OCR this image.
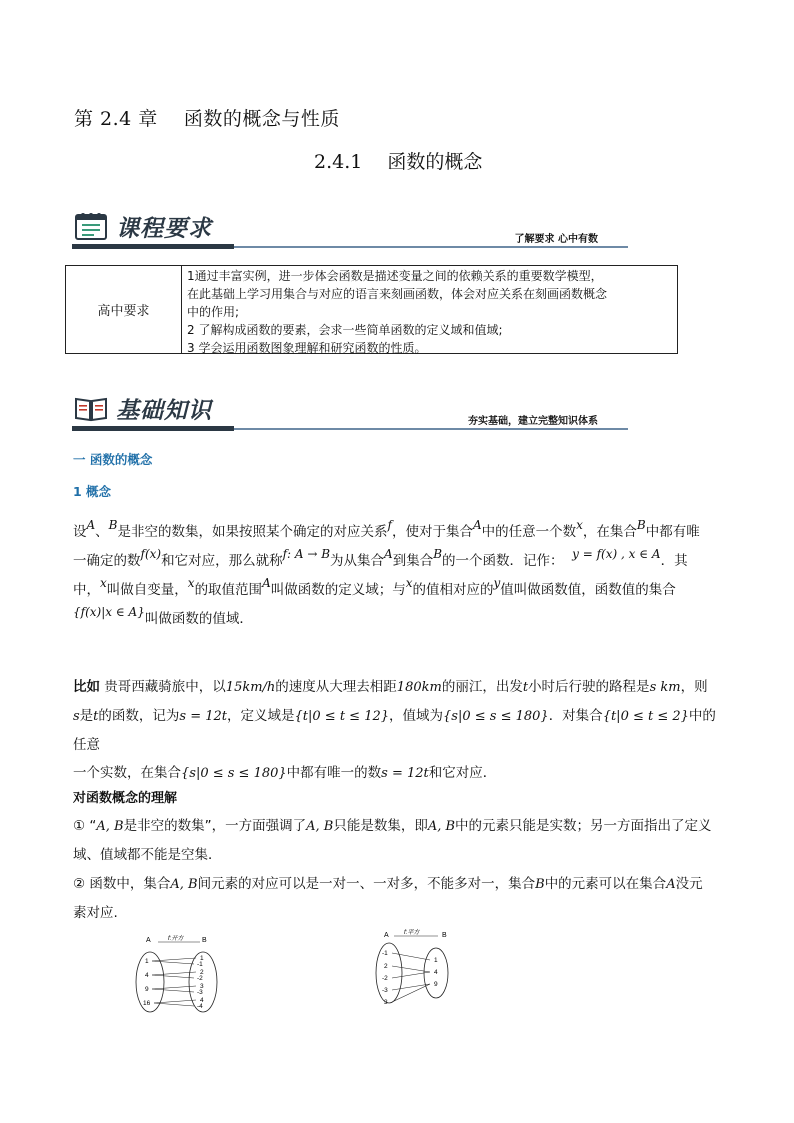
第 2.4 章　 函数的概念与性质
2.4.1　 函数的概念
课程要求	了解要求 心中有数
高中要求
1通过丰富实例，进一步体会函数是描述变量之间的依赖关系的重要数学模型，
在此基础上学习用集合与对应的语言来刻画函数，体会对应关系在刻画函数概念
中的作用;
2 了解构成函数的要素，会求一些简单函数的定义域和值域;
3 学会运用函数图象理解和研究函数的性质。
基础知识	夯实基础，建立完整知识体系
一 函数的概念
1 概念
设A、B是非空的数集，如果按照某个确定的对应关系f，使对于集合A中的任意一个数x，在集合B中都有唯
一确定的数f(x)和它对应，那么就称f: A → B为从集合A到集合B的一个函数．记作： y = f(x) , x ∈ A．其
中，x叫做自变量，x的取值范围A叫做函数的定义域；与x的值相对应的y值叫做函数值，函数值的集合
{f(x)|x ∈ A}叫做函数的值域．
比如 贵哥西藏骑旅中，以15km/h的速度从大理去相距180km的丽江，出发t小时后行驶的路程是s km，则
s是t的函数，记为s = 12t，定义域是{t|0 ≤ t ≤ 12}，值域为{s|0 ≤ s ≤ 180}．对集合{t|0 ≤ t ≤ 2}中的任意
一个实数，在集合{s|0 ≤ s ≤ 180}中都有唯一的数s = 12t和它对应．
对函数概念的理解
① “A, B是非空的数集”，一方面强调了A, B只能是数集，即A, B中的元素只能是实数；另一方面指出了定义
域、值域都不能是空集．
② 函数中，集合A, B间元素的对应可以是一对一、一对多，不能多对一，集合B中的元素可以在集合A没元
素对应.
A	B
f:开方
1
4
9
16
1
-1
2
-2
3
-3
4
-4
A	B
f:平方
-1
2
-2
-3
3
1
4
9
